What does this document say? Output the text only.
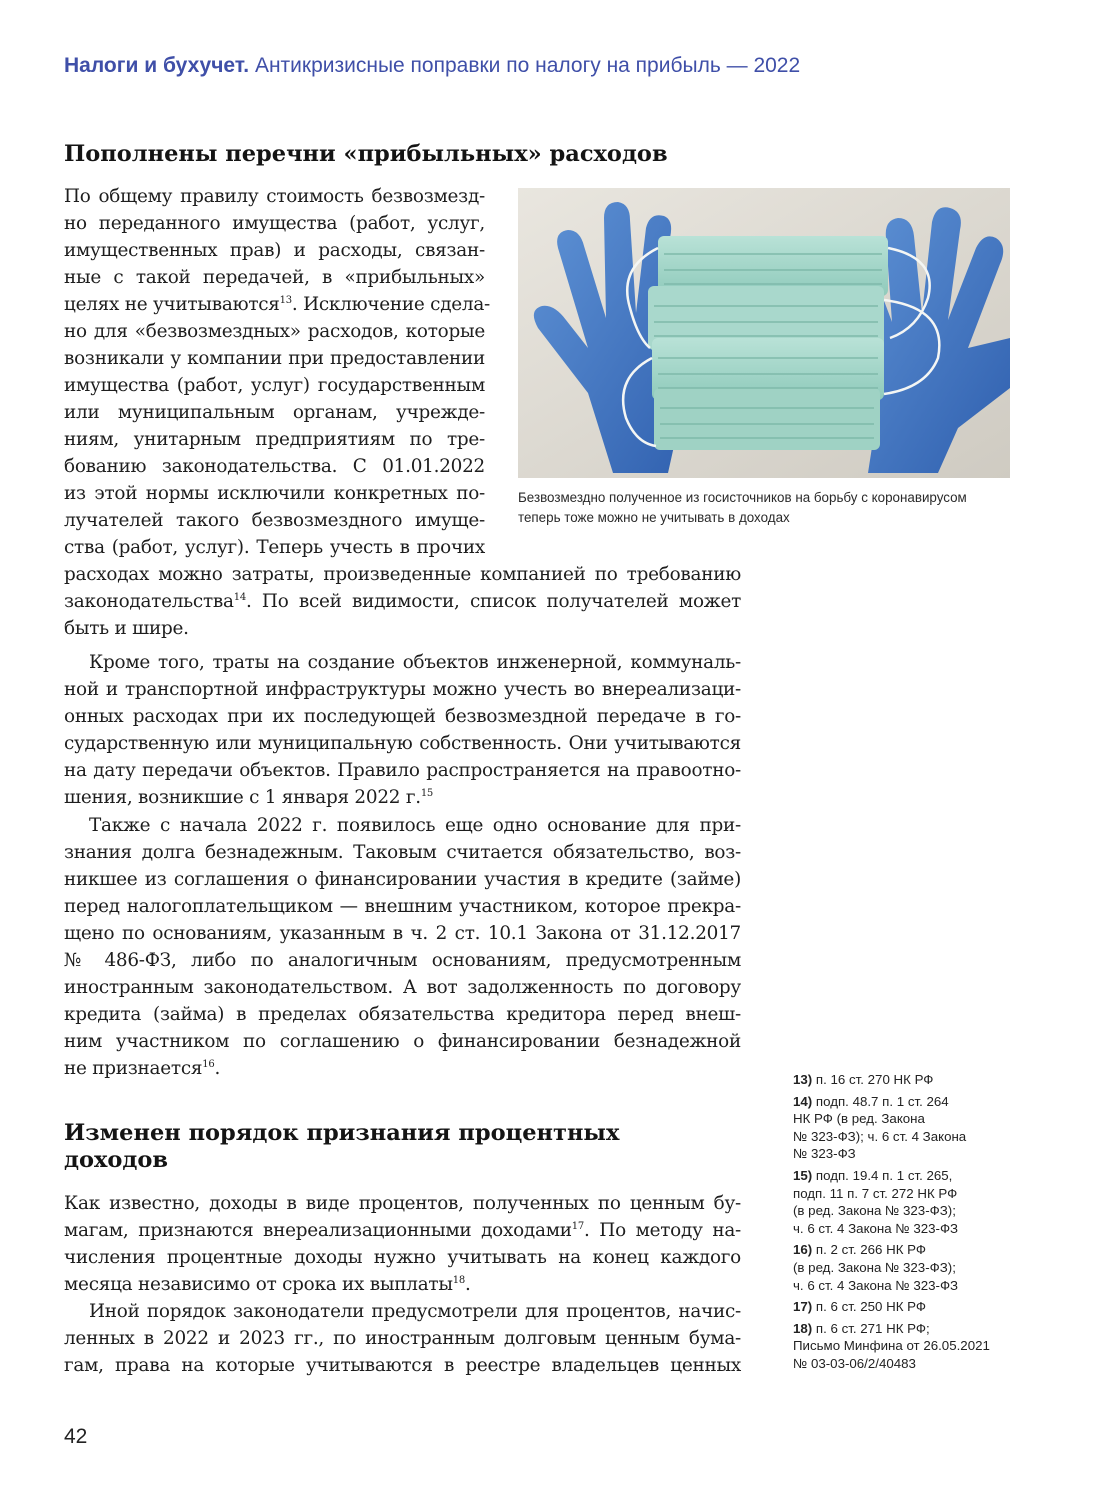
Налоги и бухучет. Антикризисные поправки по налогу на прибыль — 2022
Пополнены перечни «прибыльных» расходов
По общему правилу стоимость безвозмезд-
но переданного имущества (работ, услуг,
имущественных прав) и расходы, связан-
ные с такой передачей, в «прибыльных»
целях не учитываются$^{13}$. Исключение сдела-
но для «безвозмездных» расходов, которые
возникали у компании при предоставлении
имущества (работ, услуг) государственным
или муниципальным органам, учрежде-
ниям, унитарным предприятиям по тре-
бованию законодательства. С 01.01.2022
из этой нормы исключили конкретных по-
лучателей такого безвозмездного имуще-
ства (работ, услуг). Теперь учесть в прочих
расходах можно затраты, произведенные компанией по требованию
законодательства$^{14}$. По всей видимости, список получателей может
быть и шире.
Кроме того, траты на создание объектов инженерной, коммуналь-
ной и транспортной инфраструктуры можно учесть во внереализаци-
онных расходах при их последующей безвозмездной передаче в го-
сударственную или муниципальную собственность. Они учитываются
на дату передачи объектов. Правило распространяется на правоотно-
шения, возникшие с 1 января 2022 г.$^{15}$
Также с начала 2022 г. появилось еще одно основание для при-
знания долга безнадежным. Таковым считается обязательство, воз-
никшее из соглашения о финансировании участия в кредите (займе)
перед налогоплательщиком — внешним участником, которое прекра-
щено по основаниям, указанным в ч. 2 ст. 10.1 Закона от 31.12.2017
№ 486-ФЗ, либо по аналогичным основаниям, предусмотренным
иностранным законодательством. А вот задолженность по договору
кредита (займа) в пределах обязательства кредитора перед внеш-
ним участником по соглашению о финансировании безнадежной
не признается$^{16}$.
Безвозмездно полученное из госисточников на борьбу с коронавирусом
теперь тоже можно не учитывать в доходах
Изменен порядок признания процентных
доходов
Как известно, доходы в виде процентов, полученных по ценным бу-
магам, признаются внереализационными доходами$^{17}$. По методу на-
числения процентные доходы нужно учитывать на конец каждого
месяца независимо от срока их выплаты$^{18}$.
Иной порядок законодатели предусмотрели для процентов, начис-
ленных в 2022 и 2023 гг., по иностранным долговым ценным бума-
гам, права на которые учитываются в реестре владельцев ценных
13) п. 16 ст. 270 НК РФ
14) подп. 48.7 п. 1 ст. 264
НК РФ (в ред. Закона
№ 323-ФЗ); ч. 6 ст. 4 Закона
№ 323-ФЗ
15) подп. 19.4 п. 1 ст. 265,
подп. 11 п. 7 ст. 272 НК РФ
(в ред. Закона № 323-ФЗ);
ч. 6 ст. 4 Закона № 323-ФЗ
16) п. 2 ст. 266 НК РФ
(в ред. Закона № 323-ФЗ);
ч. 6 ст. 4 Закона № 323-ФЗ
17) п. 6 ст. 250 НК РФ
18) п. 6 ст. 271 НК РФ;
Письмо Минфина от 26.05.2021
№ 03-03-06/2/40483
42
